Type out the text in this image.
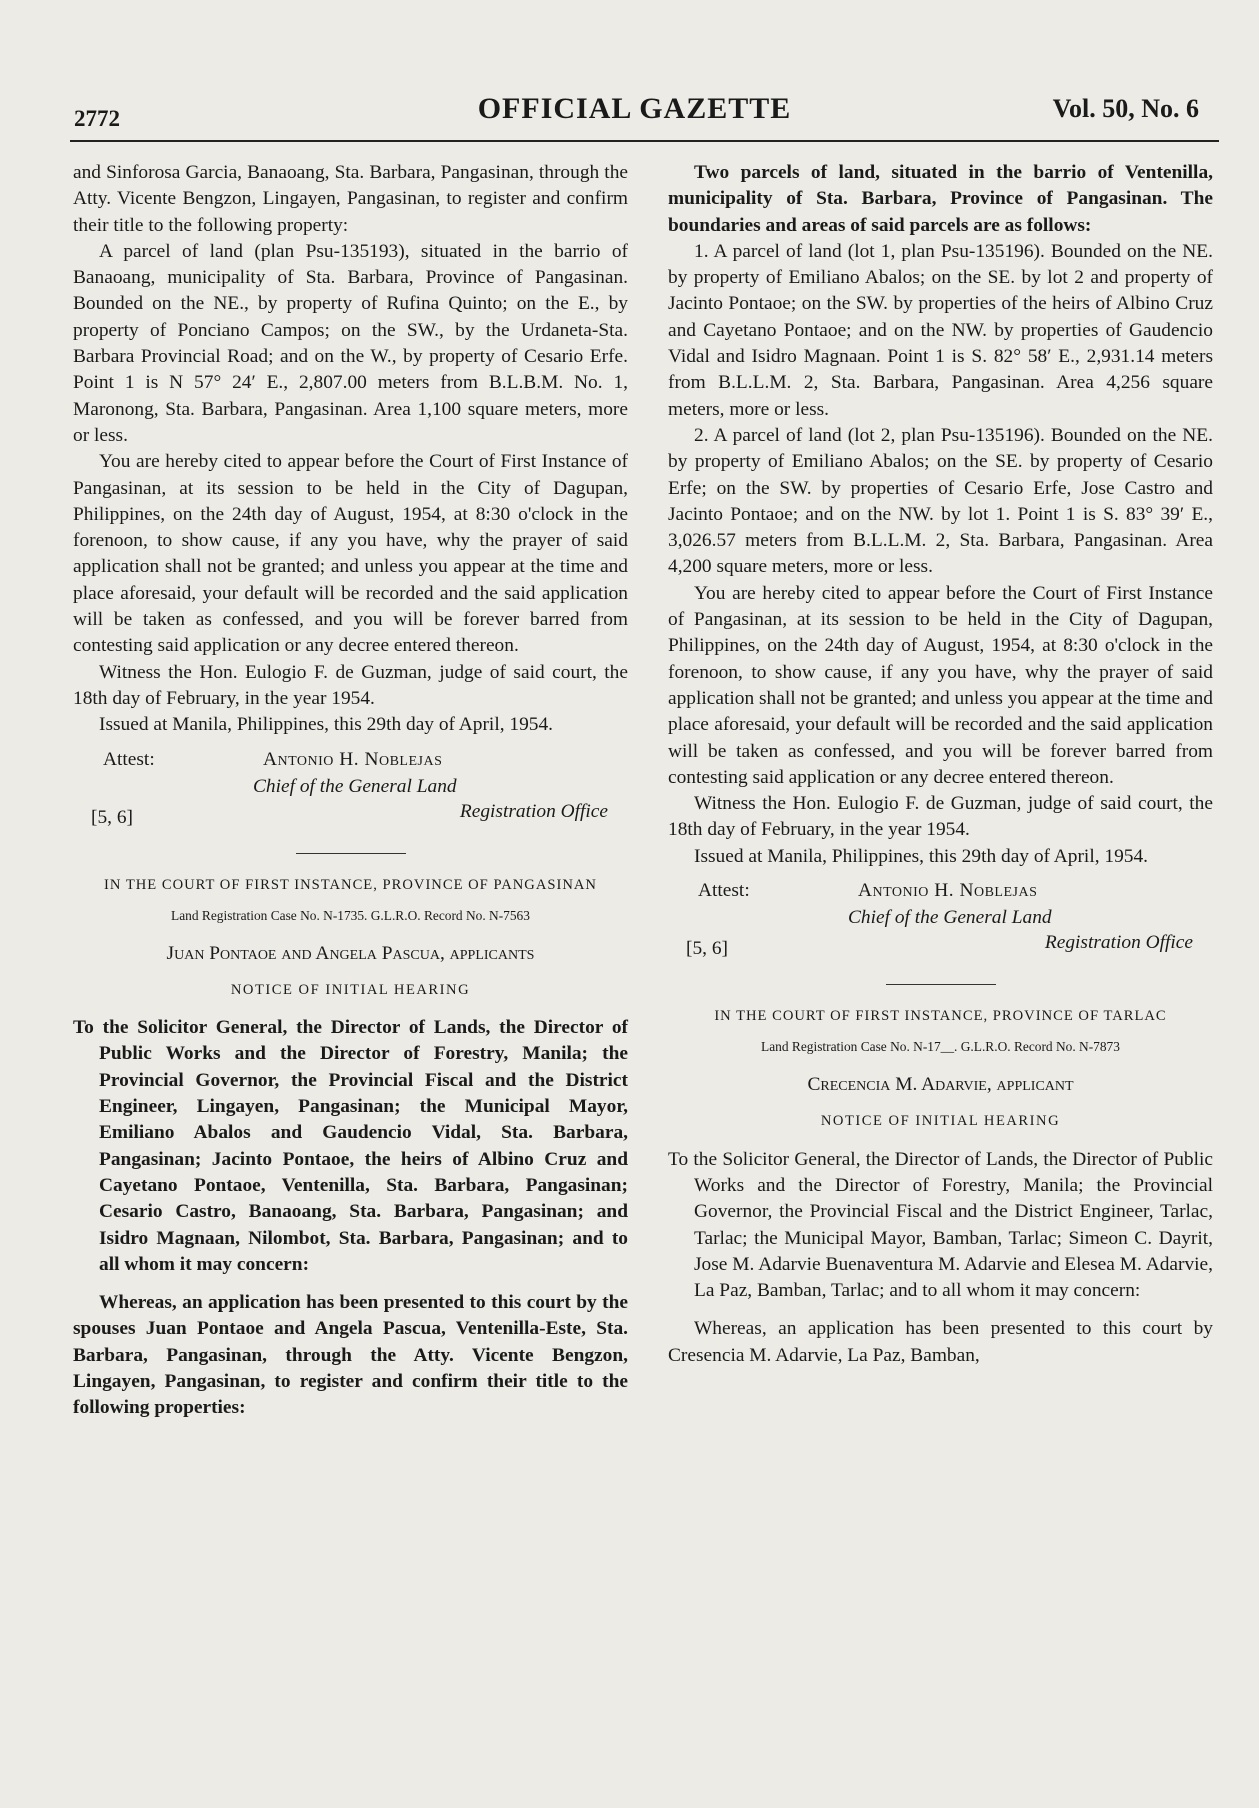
2772	OFFICIAL GAZETTE	Vol. 50, No. 6

and Sinforosa Garcia, Banaoang, Sta. Barbara, Pangasinan, through the Atty. Vicente Bengzon, Lingayen, Pangasinan, to register and confirm their title to the following property:

A parcel of land (plan Psu-135193), situated in the barrio of Banaoang, municipality of Sta. Barbara, Province of Pangasinan. Bounded on the NE., by property of Rufina Quinto; on the E., by property of Ponciano Campos; on the SW., by the Urdaneta-Sta. Barbara Provincial Road; and on the W., by property of Cesario Erfe. Point 1 is N 57° 24′ E., 2,807.00 meters from B.L.B.M. No. 1, Maronong, Sta. Barbara, Pangasinan. Area 1,100 square meters, more or less.

You are hereby cited to appear before the Court of First Instance of Pangasinan, at its session to be held in the City of Dagupan, Philippines, on the 24th day of August, 1954, at 8:30 o'clock in the forenoon, to show cause, if any you have, why the prayer of said application shall not be granted; and unless you appear at the time and place aforesaid, your default will be recorded and the said application will be taken as confessed, and you will be forever barred from contesting said application or any decree entered thereon.

Witness the Hon. Eulogio F. de Guzman, judge of said court, the 18th day of February, in the year 1954.

Issued at Manila, Philippines, this 29th day of April, 1954.

Attest:	Antonio H. Noblejas
Chief of the General Land
Registration Office
[5, 6]
IN THE COURT OF FIRST INSTANCE, PROVINCE OF PANGASINAN
Land Registration Case No. N-1735. G.L.R.O. Record No. N-7563
Juan Pontaoe and Angela Pascua, applicants
NOTICE OF INITIAL HEARING

To the Solicitor General, the Director of Lands, the Director of Public Works and the Director of Forestry, Manila; the Provincial Governor, the Provincial Fiscal and the District Engineer, Lingayen, Pangasinan; the Municipal Mayor, Emiliano Abalos and Gaudencio Vidal, Sta. Barbara, Pangasinan; Jacinto Pontaoe, the heirs of Albino Cruz and Cayetano Pontaoe, Ventenilla, Sta. Barbara, Pangasinan; Cesario Castro, Banaoang, Sta. Barbara, Pangasinan; and Isidro Magnaan, Nilombot, Sta. Barbara, Pangasinan; and to all whom it may concern:

Whereas, an application has been presented to this court by the spouses Juan Pontaoe and Angela Pascua, Ventenilla-Este, Sta. Barbara, Pangasinan, through the Atty. Vicente Bengzon, Lingayen, Pangasinan, to register and confirm their title to the following properties:

Two parcels of land, situated in the barrio of Ventenilla, municipality of Sta. Barbara, Province of Pangasinan. The boundaries and areas of said parcels are as follows:

1. A parcel of land (lot 1, plan Psu-135196). Bounded on the NE. by property of Emiliano Abalos; on the SE. by lot 2 and property of Jacinto Pontaoe; on the SW. by properties of the heirs of Albino Cruz and Cayetano Pontaoe; and on the NW. by properties of Gaudencio Vidal and Isidro Magnaan. Point 1 is S. 82° 58′ E., 2,931.14 meters from B.L.L.M. 2, Sta. Barbara, Pangasinan. Area 4,256 square meters, more or less.

2. A parcel of land (lot 2, plan Psu-135196). Bounded on the NE. by property of Emiliano Abalos; on the SE. by property of Cesario Erfe; on the SW. by properties of Cesario Erfe, Jose Castro and Jacinto Pontaoe; and on the NW. by lot 1. Point 1 is S. 83° 39′ E., 3,026.57 meters from B.L.L.M. 2, Sta. Barbara, Pangasinan. Area 4,200 square meters, more or less.

You are hereby cited to appear before the Court of First Instance of Pangasinan, at its session to be held in the City of Dagupan, Philippines, on the 24th day of August, 1954, at 8:30 o'clock in the forenoon, to show cause, if any you have, why the prayer of said application shall not be granted; and unless you appear at the time and place aforesaid, your default will be recorded and the said application will be taken as confessed, and you will be forever barred from contesting said application or any decree entered thereon.

Witness the Hon. Eulogio F. de Guzman, judge of said court, the 18th day of February, in the year 1954.

Issued at Manila, Philippines, this 29th day of April, 1954.

Attest:	Antonio H. Noblejas
Chief of the General Land
Registration Office
[5, 6]
IN THE COURT OF FIRST INSTANCE, PROVINCE OF TARLAC
Land Registration Case No. N-17__. G.L.R.O. Record No. N-7873
Crecencia M. Adarvie, applicant
NOTICE OF INITIAL HEARING

To the Solicitor General, the Director of Lands, the Director of Public Works and the Director of Forestry, Manila; the Provincial Governor, the Provincial Fiscal and the District Engineer, Tarlac, Tarlac; the Municipal Mayor, Bamban, Tarlac; Simeon C. Dayrit, Jose M. Adarvie Buenaventura M. Adarvie and Elesea M. Adarvie, La Paz, Bamban, Tarlac; and to all whom it may concern:

Whereas, an application has been presented to this court by Cresencia M. Adarvie, La Paz, Bamban,
